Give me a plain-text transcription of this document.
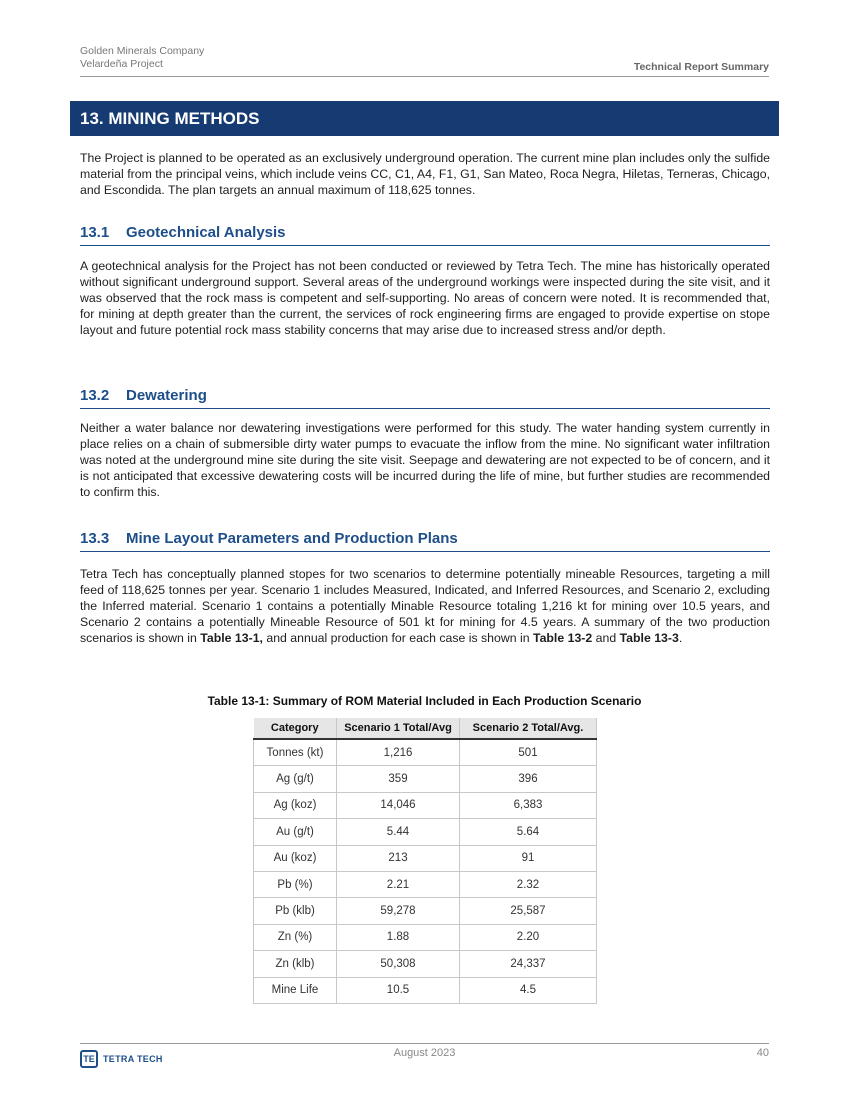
Golden Minerals Company
Velardeña Project	Technical Report Summary
13. MINING METHODS

The Project is planned to be operated as an exclusively underground operation. The current mine plan includes only the sulfide material from the principal veins, which include veins CC, C1, A4, F1, G1, San Mateo, Roca Negra, Hiletas, Terneras, Chicago, and Escondida. The plan targets an annual maximum of 118,625 tonnes.

13.1 Geotechnical Analysis

A geotechnical analysis for the Project has not been conducted or reviewed by Tetra Tech. The mine has historically operated without significant underground support. Several areas of the underground workings were inspected during the site visit, and it was observed that the rock mass is competent and self-supporting. No areas of concern were noted. It is recommended that, for mining at depth greater than the current, the services of rock engineering firms are engaged to provide expertise on stope layout and future potential rock mass stability concerns that may arise due to increased stress and/or depth.

13.2 Dewatering

Neither a water balance nor dewatering investigations were performed for this study. The water handing system currently in place relies on a chain of submersible dirty water pumps to evacuate the inflow from the mine. No significant water infiltration was noted at the underground mine site during the site visit. Seepage and dewatering are not expected to be of concern, and it is not anticipated that excessive dewatering costs will be incurred during the life of mine, but further studies are recommended to confirm this.

13.3 Mine Layout Parameters and Production Plans

Tetra Tech has conceptually planned stopes for two scenarios to determine potentially mineable Resources, targeting a mill feed of 118,625 tonnes per year. Scenario 1 includes Measured, Indicated, and Inferred Resources, and Scenario 2, excluding the Inferred material. Scenario 1 contains a potentially Minable Resource totaling 1,216 kt for mining over 10.5 years, and Scenario 2 contains a potentially Mineable Resource of 501 kt for mining for 4.5 years. A summary of the two production scenarios is shown in Table 13-1, and annual production for each case is shown in Table 13-2 and Table 13-3.

Table 13-1: Summary of ROM Material Included in Each Production Scenario
Category	Scenario 1 Total/Avg	Scenario 2 Total/Avg.
Tonnes (kt)	1,216	501
Ag (g/t)	359	396
Ag (koz)	14,046	6,383
Au (g/t)	5.44	5.64
Au (koz)	213	91
Pb (%)	2.21	2.32
Pb (klb)	59,278	25,587
Zn (%)	1.88	2.20
Zn (klb)	50,308	24,337
Mine Life	10.5	4.5
TE TETRA TECH	August 2023	40
